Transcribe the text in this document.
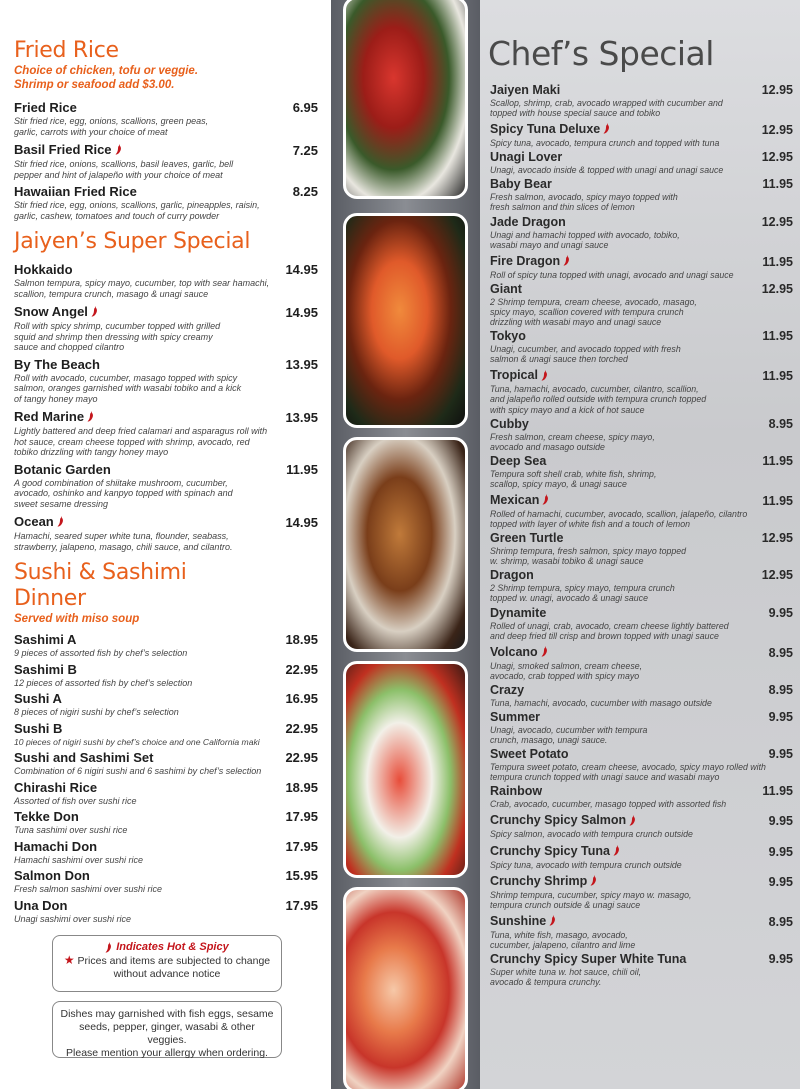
Fried Rice
Choice of chicken, tofu or veggie.
Shrimp or seafood add $3.00.
Fried Rice	6.95
Stir fried rice, egg, onions, scallions, green peas, garlic, carrots with your choice of meat
Basil Fried Rice	7.25
Stir fried rice, onions, scallions, basil leaves, garlic, bell pepper and hint of jalapeño with your choice of meat
Hawaiian Fried Rice	8.25
Stir fried rice, egg, onions, scallions, garlic, pineapples, raisin, garlic, cashew, tomatoes and touch of curry powder
Jaiyen’s Super Special
Hokkaido	14.95
Salmon tempura, spicy mayo, cucumber, top with sear hamachi, scallion, tempura crunch, masago & unagi sauce
Snow Angel	14.95
Roll with spicy shrimp, cucumber topped with grilled squid and shrimp then dressing with spicy creamy sauce and chopped cilantro
By The Beach	13.95
Roll with avocado, cucumber, masago topped with spicy salmon, oranges garnished with wasabi tobiko and a kick of tangy honey mayo
Red Marine	13.95
Lightly battered and deep fried calamari and asparagus roll with hot sauce, cream cheese topped with shrimp, avocado, red tobiko drizzling with tangy honey mayo
Botanic Garden	11.95
A good combination of shiitake mushroom, cucumber, avocado, oshinko and kanpyo topped with spinach and sweet sesame dressing
Ocean	14.95
Hamachi, seared super white tuna, flounder, seabass, strawberry, jalapeno, masago, chili sauce, and cilantro.
Sushi & Sashimi
Dinner
Served with miso soup
Sashimi A	18.95
9 pieces of assorted fish by chef’s selection
Sashimi B	22.95
12 pieces of assorted fish by chef’s selection
Sushi A	16.95
8 pieces of nigiri sushi by chef’s selection
Sushi B	22.95
10 pieces of nigiri sushi by chef’s choice and one California maki
Sushi and Sashimi Set	22.95
Combination of 6 nigiri sushi and 6 sashimi by chef’s selection
Chirashi Rice	18.95
Assorted of fish over sushi rice
Tekke Don	17.95
Tuna sashimi over sushi rice
Hamachi Don	17.95
Hamachi sashimi over sushi rice
Salmon Don	15.95
Fresh salmon sashimi over sushi rice
Una Don	17.95
Unagi sashimi over sushi rice
Indicates Hot & Spicy
★ Prices and items are subjected to change
without advance notice
Dishes may garnished with fish eggs, sesame
seeds, pepper, ginger, wasabi & other veggies.
Please mention your allergy when ordering.
Chef’s Special
Jaiyen Maki	12.95
Scallop, shrimp, crab, avocado wrapped with cucumber and topped with house special sauce and tobiko
Spicy Tuna Deluxe	12.95
Spicy tuna, avocado, tempura crunch and topped with tuna
Unagi Lover	12.95
Unagi, avocado inside & topped with unagi and unagi sauce
Baby Bear	11.95
Fresh salmon, avocado, spicy mayo topped with fresh salmon and thin slices of lemon
Jade Dragon	12.95
Unagi and hamachi topped with avocado, tobiko, wasabi mayo and unagi sauce
Fire Dragon	11.95
Roll of spicy tuna topped with unagi, avocado and unagi sauce
Giant	12.95
2 Shrimp tempura, cream cheese, avocado, masago, spicy mayo, scallion covered with tempura crunch drizzling with wasabi mayo and unagi sauce
Tokyo	11.95
Unagi, cucumber, and avocado topped with fresh salmon & unagi sauce then torched
Tropical	11.95
Tuna, hamachi, avocado, cucumber, cilantro, scallion, and jalapeño rolled outside with tempura crunch topped with spicy mayo and a kick of hot sauce
Cubby	8.95
Fresh salmon, cream cheese, spicy mayo, avocado and masago outside
Deep Sea	11.95
Tempura soft shell crab, white fish, shrimp, scallop, spicy mayo, & unagi sauce
Mexican	11.95
Rolled of hamachi, cucumber, avocado, scallion, jalapeño, cilantro topped with layer of white fish and a touch of lemon
Green Turtle	12.95
Shrimp tempura, fresh salmon, spicy mayo topped w. shrimp, wasabi tobiko & unagi sauce
Dragon	12.95
2 Shrimp tempura, spicy mayo, tempura crunch topped w. unagi, avocado & unagi sauce
Dynamite	9.95
Rolled of unagi, crab, avocado, cream cheese lightly battered and deep fried till crisp and brown topped with unagi sauce
Volcano	8.95
Unagi, smoked salmon, cream cheese, avocado, crab topped with spicy mayo
Crazy	8.95
Tuna, hamachi, avocado, cucumber with masago outside
Summer	9.95
Unagi, avocado, cucumber with tempura crunch, masago, unagi sauce.
Sweet Potato	9.95
Tempura sweet potato, cream cheese, avocado, spicy mayo rolled with tempura crunch topped with unagi sauce and wasabi mayo
Rainbow	11.95
Crab, avocado, cucumber, masago topped with assorted fish
Crunchy Spicy Salmon	9.95
Spicy salmon, avocado with tempura crunch outside
Crunchy Spicy Tuna	9.95
Spicy tuna, avocado with tempura crunch outside
Crunchy Shrimp	9.95
Shrimp tempura, cucumber, spicy mayo w. masago, tempura crunch outside & unagi sauce
Sunshine	8.95
Tuna, white fish, masago, avocado, cucumber, jalapeno, cilantro and lime
Crunchy Spicy Super White Tuna	9.95
Super white tuna w. hot sauce, chili oil, avocado & tempura crunchy.
